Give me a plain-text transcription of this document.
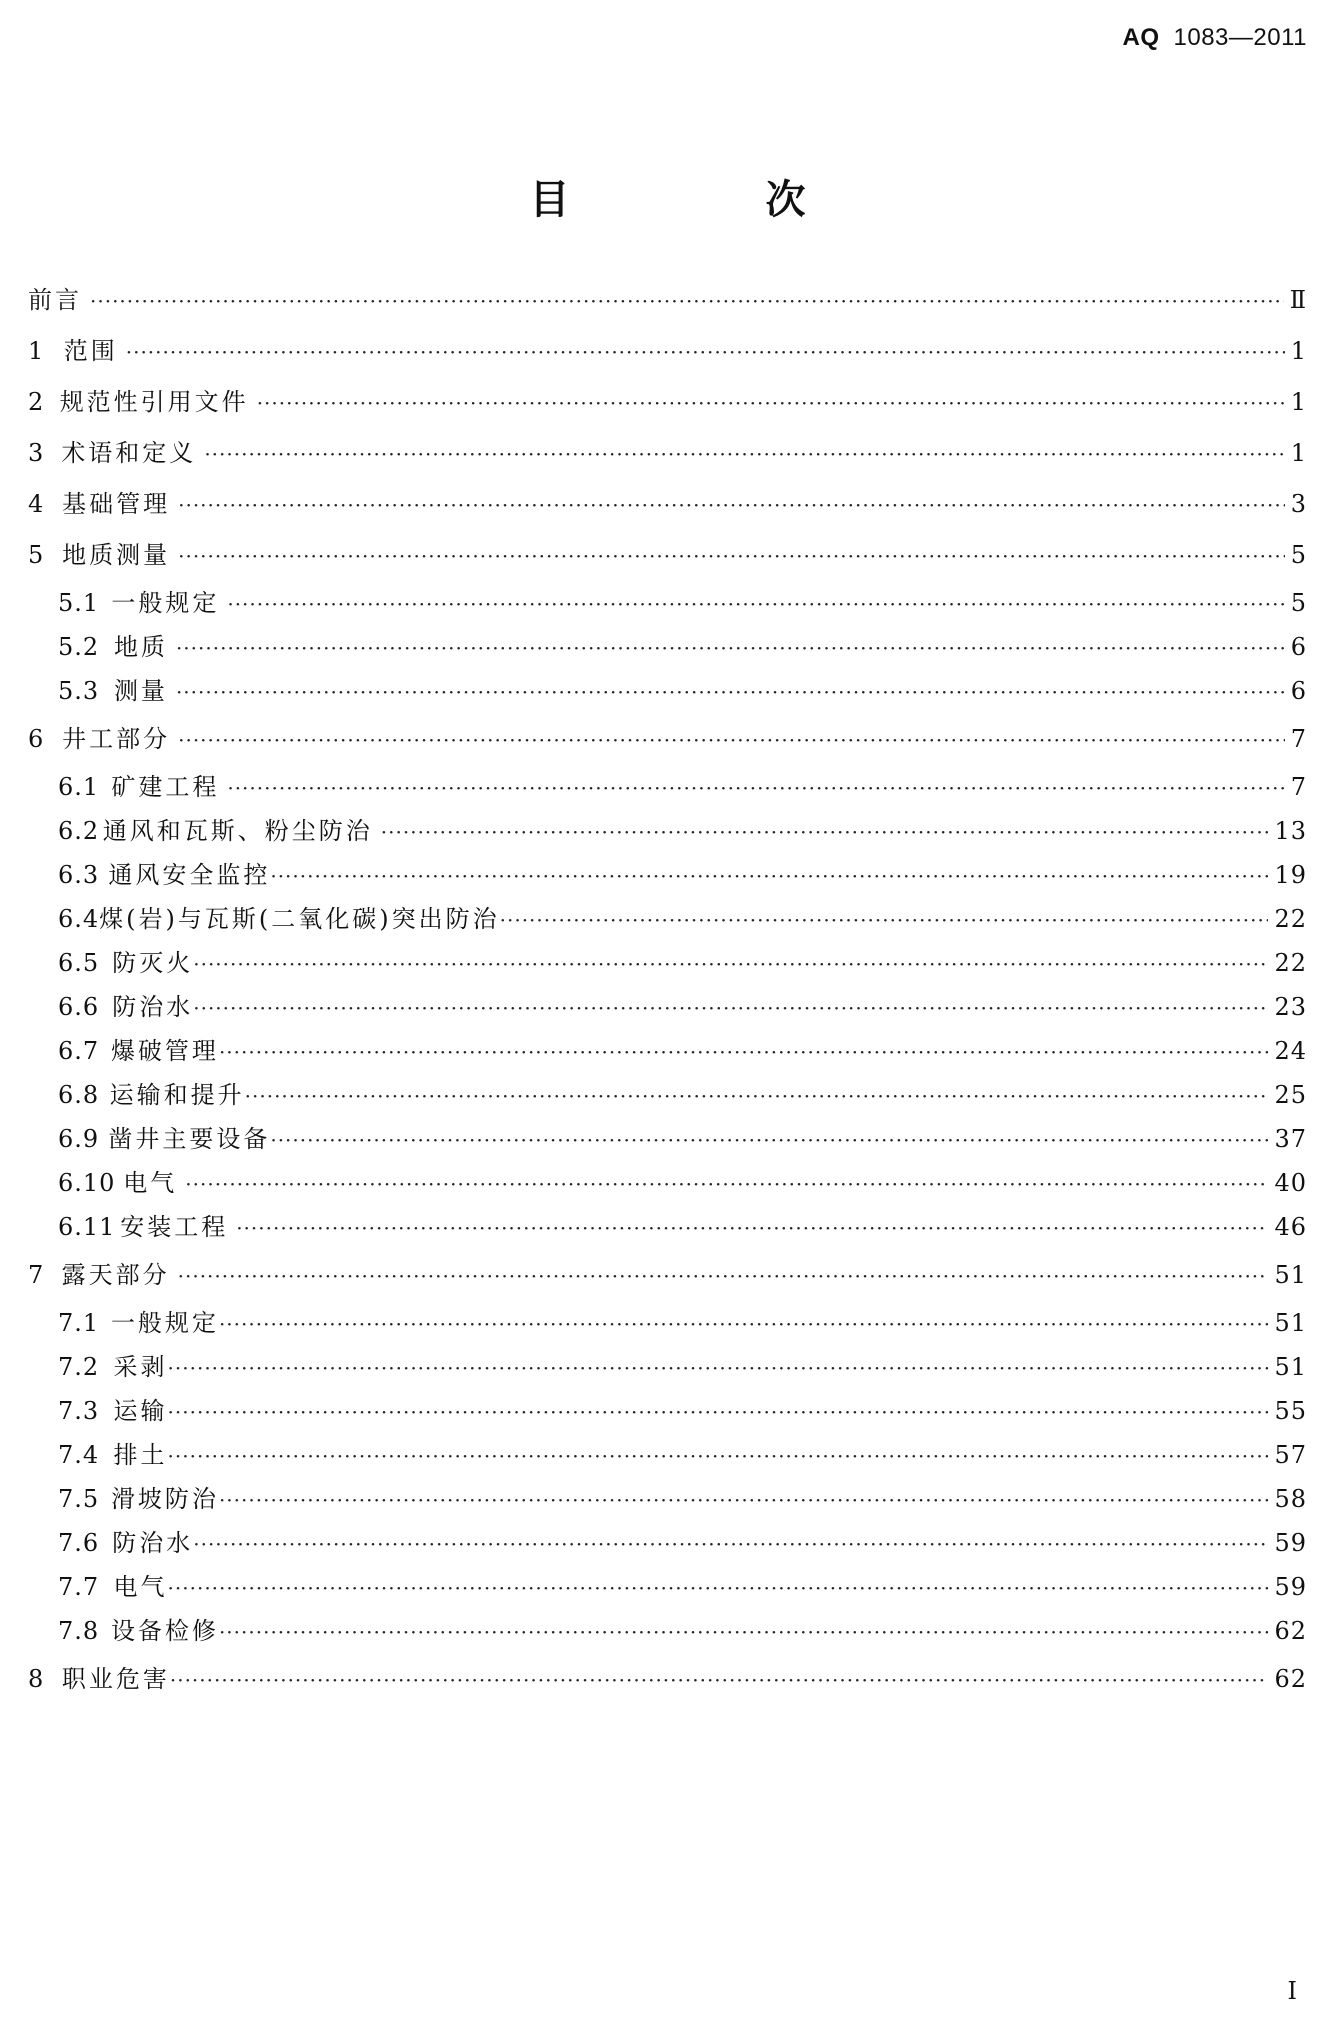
AQ 1083—2011
目　次
前言 ·····	Ⅱ
1 范围 ·····	1
2 规范性引用文件 ·····	1
3 术语和定义 ·····	1
4 基础管理 ·····	3
5 地质测量 ·····	5
5.1 一般规定 ·····	5
5.2 地质 ·····	6
5.3 测量 ·····	6
6 井工部分 ·····	7
6.1 矿建工程 ·····	7
6.2 通风和瓦斯、粉尘防治 ·····	13
6.3 通风安全监控 ·····	19
6.4 煤(岩)与瓦斯(二氧化碳)突出防治 ·····	22
6.5 防灭火 ·····	22
6.6 防治水 ·····	23
6.7 爆破管理 ·····	24
6.8 运输和提升 ·····	25
6.9 凿井主要设备 ·····	37
6.10 电气 ·····	40
6.11 安装工程 ·····	46
7 露天部分 ·····	51
7.1 一般规定 ·····	51
7.2 采剥 ·····	51
7.3 运输 ·····	55
7.4 排土 ·····	57
7.5 滑坡防治 ·····	58
7.6 防治水 ·····	59
7.7 电气 ·····	59
7.8 设备检修 ·····	62
8 职业危害 ·····	62
I
